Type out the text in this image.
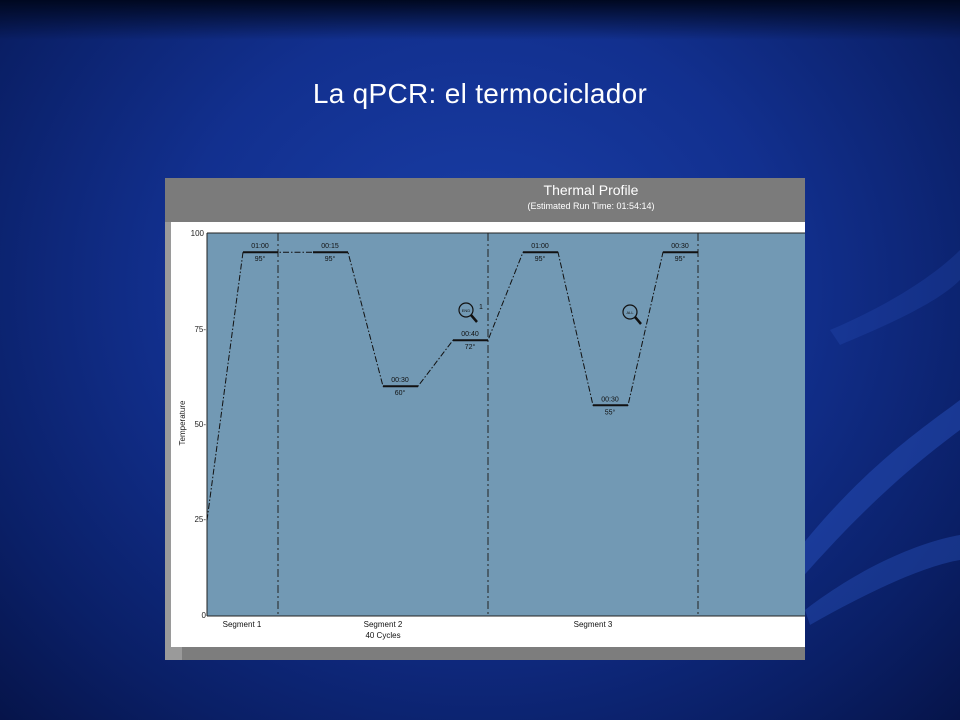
La qPCR: el termociclador
Thermal Profile
(Estimated Run Time: 01:54:14)
100
75-
50-
25-
0
Temperature
01:00	00:15
00:30
00:40
01:00
00:30
00:30
95°	95°
60°
72°
95°
55°
95°
END 1
ALL
Segment 1	Segment 2
40 Cycles
Segment 3
